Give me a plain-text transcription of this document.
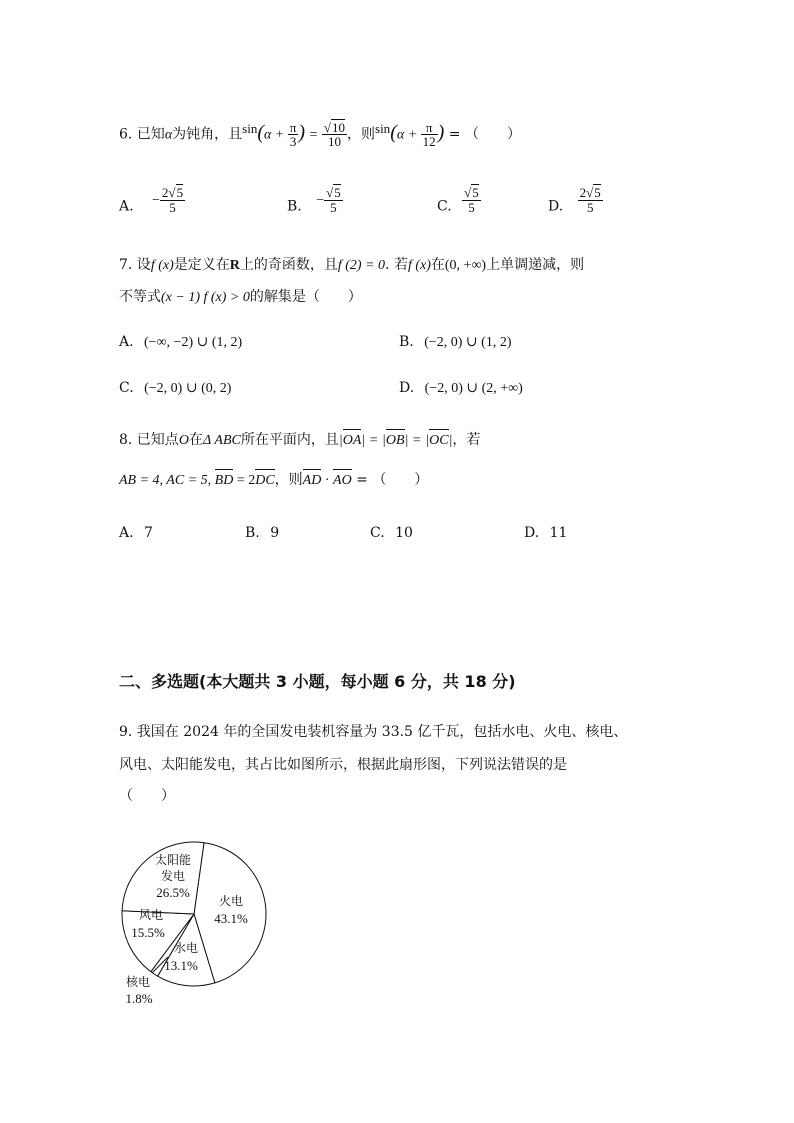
6. 已知α为钝角，且$\sin(\alpha + \frac{\pi}{3}$ ) = $\frac{√10}{10}$ ，则$\sin(\alpha + \frac{\pi}{12}$ ) = （　　）
A. − $\frac{2√5}{5}$	B. − $\frac{√5}{5}$	C. $\frac{√5}{5}$	D. $\frac{2√5}{5}$
7. 设f (x)是定义在R上的奇函数，且f (2) = 0. 若f (x)在(0, +∞)上单调递减，则
不等式(x − 1) f (x) > 0的解集是（　　）
A. (−∞, −2) ∪ (1, 2)	B. (−2, 0) ∪ (1, 2)
C. (−2, 0) ∪ (0, 2)	D. (−2, 0) ∪ (2, +∞)
8. 已知点O在Δ ABC所在平面内，且|OA| = |OB| = |OC|，若
AB = 4, AC = 5, BD = 2DC，则AD · AO = （　　）
A. 7	B. 9	C. 10	D. 11
二、多选题(本大题共 3 小题，每小题 6 分，共 18 分)
9. 我国在 2024 年的全国发电装机容量为 33.5 亿千瓦，包括水电、火电、核电、
风电、太阳能发电，其占比如图所示，根据此扇形图，下列说法错误的是
（　　）
太阳能
发电
26.5%
火电
43.1%
风电
15.5%
水电
13.1%
核电
1.8%
